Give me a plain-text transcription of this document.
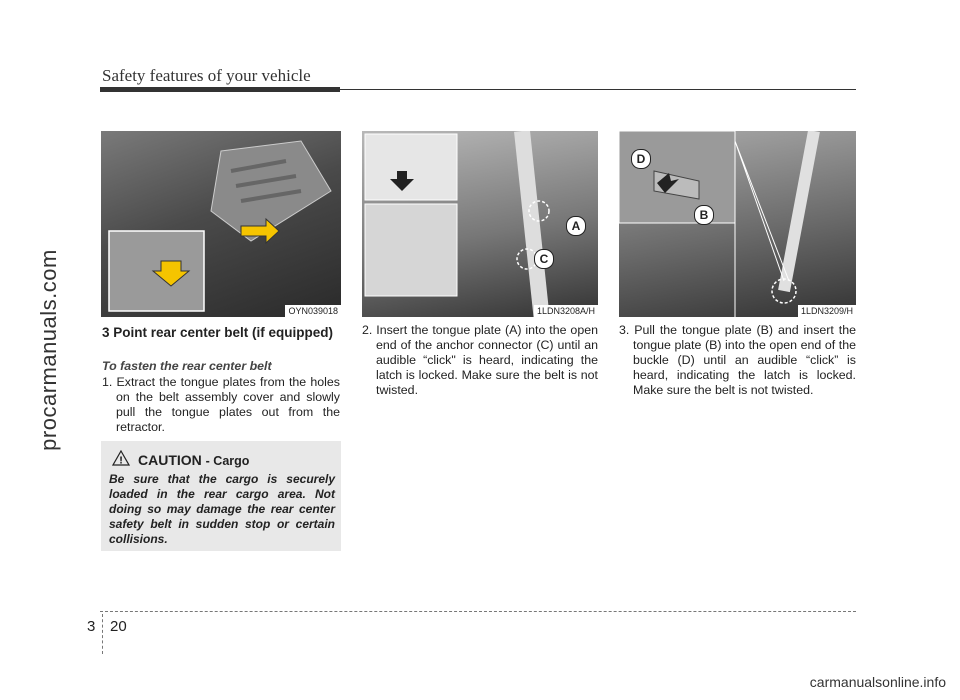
Safety features of your vehicle
procarmanuals.com	OYN039018
A
C
1LDN3208A/H
D
B
1LDN3209/H
3 Point rear center belt (if equipped)
To fasten the rear center belt
1. Extract the tongue plates from the holes on the belt assembly cover and slowly pull the tongue plates out from the retractor.
! CAUTION - Cargo
Be sure that the cargo is securely loaded in the rear cargo area. Not doing so may damage the rear center safety belt in sudden stop or certain collisions.
2. Insert the tongue plate (A) into the open end of the anchor connector (C) until an audible “click" is heard, indicating the latch is locked. Make sure the belt is not twisted.
3. Pull the tongue plate (B) and insert the tongue plate (B) into the open end of the buckle (D) until an audible “click” is heard, indicating the latch is locked. Make sure the belt is not twisted.
3 20
carmanualsonline.info
